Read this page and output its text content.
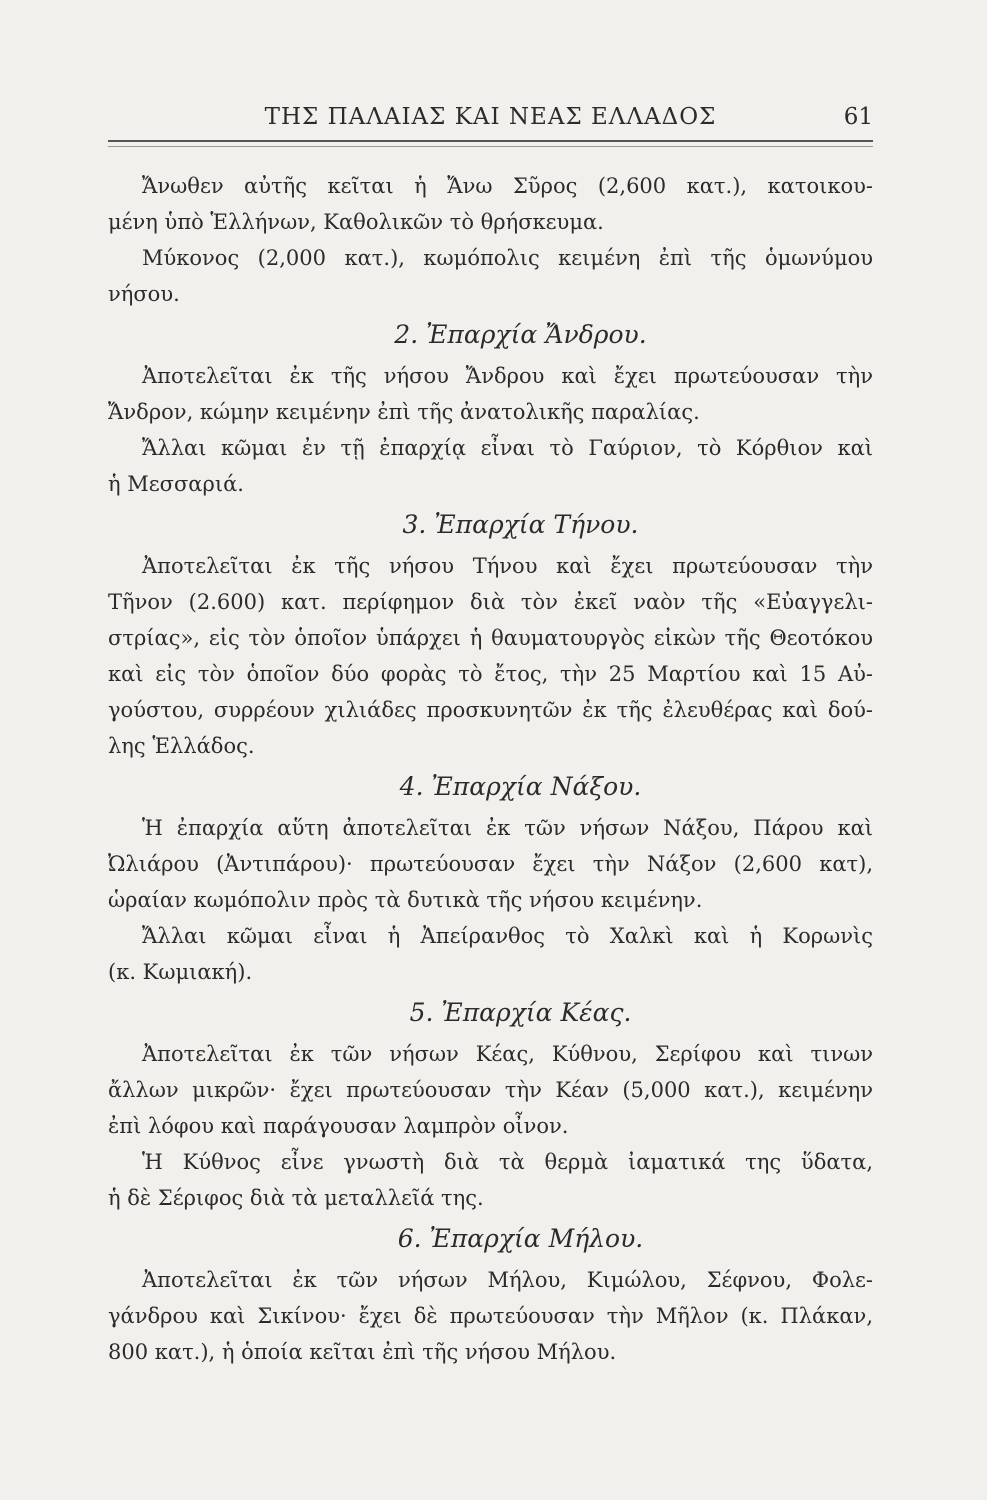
ΤΗΣ ΠΑΛΑΙΑΣ ΚΑΙ ΝΕΑΣ ΕΛΛΑΔΟΣ	61
Ἄνωθεν αὐτῆς κεῖται ἡ Ἄνω Σῦρος (2,600 κατ.), κατοικου-
μένη ὑπὸ Ἑλλήνων, Καθολικῶν τὸ θρήσκευμα.
Μύκονος (2,000 κατ.), κωμόπολις κειμένη ἐπὶ τῆς ὁμωνύμου
νήσου.
2. Ἐπαρχία Ἄνδρου.
Ἀποτελεῖται ἐκ τῆς νήσου Ἄνδρου καὶ ἔχει πρωτεύουσαν τὴν
Ἄνδρον, κώμην κειμένην ἐπὶ τῆς ἀνατολικῆς παραλίας.
Ἄλλαι κῶμαι ἐν τῇ ἐπαρχίᾳ εἶναι τὸ Γαύριον, τὸ Κόρθιον καὶ
ἡ Μεσσαριά.
3. Ἐπαρχία Τήνου.
Ἀποτελεῖται ἐκ τῆς νήσου Τήνου καὶ ἔχει πρωτεύουσαν τὴν
Τῆνον (2.600) κατ. περίφημον διὰ τὸν ἐκεῖ ναὸν τῆς «Εὐαγγελι-
στρίας», εἰς τὸν ὁποῖον ὑπάρχει ἡ θαυματουργὸς εἰκὼν τῆς Θεοτόκου
καὶ εἰς τὸν ὁποῖον δύο φορὰς τὸ ἔτος, τὴν 25 Μαρτίου καὶ 15 Αὐ-
γούστου, συρρέουν χιλιάδες προσκυνητῶν ἐκ τῆς ἐλευθέρας καὶ δού-
λης Ἑλλάδος.
4. Ἐπαρχία Νάξου.
Ἡ ἐπαρχία αὕτη ἀποτελεῖται ἐκ τῶν νήσων Νάξου, Πάρου καὶ
Ὠλιάρου (Ἀντιπάρου)· πρωτεύουσαν ἔχει τὴν Νάξον (2,600 κατ),
ὡραίαν κωμόπολιν πρὸς τὰ δυτικὰ τῆς νήσου κειμένην.
Ἄλλαι κῶμαι εἶναι ἡ Ἀπείρανθος τὸ Χαλκὶ καὶ ἡ Κορωνὶς
(κ. Κωμιακή).
5. Ἐπαρχία Κέας.
Ἀποτελεῖται ἐκ τῶν νήσων Κέας, Κύθνου, Σερίφου καὶ τινων
ἄλλων μικρῶν· ἔχει πρωτεύουσαν τὴν Κέαν (5,000 κατ.), κειμένην
ἐπὶ λόφου καὶ παράγουσαν λαμπρὸν οἶνον.
Ἡ Κύθνος εἶνε γνωστὴ διὰ τὰ θερμὰ ἰαματικά της ὕδατα,
ἡ δὲ Σέριφος διὰ τὰ μεταλλεῖά της.
6. Ἐπαρχία Μήλου.
Ἀποτελεῖται ἐκ τῶν νήσων Μήλου, Κιμώλου, Σέφνου, Φολε-
γάνδρου καὶ Σικίνου· ἔχει δὲ πρωτεύουσαν τὴν Μῆλον (κ. Πλάκαν,
800 κατ.), ἡ ὁποία κεῖται ἐπὶ τῆς νήσου Μήλου.
